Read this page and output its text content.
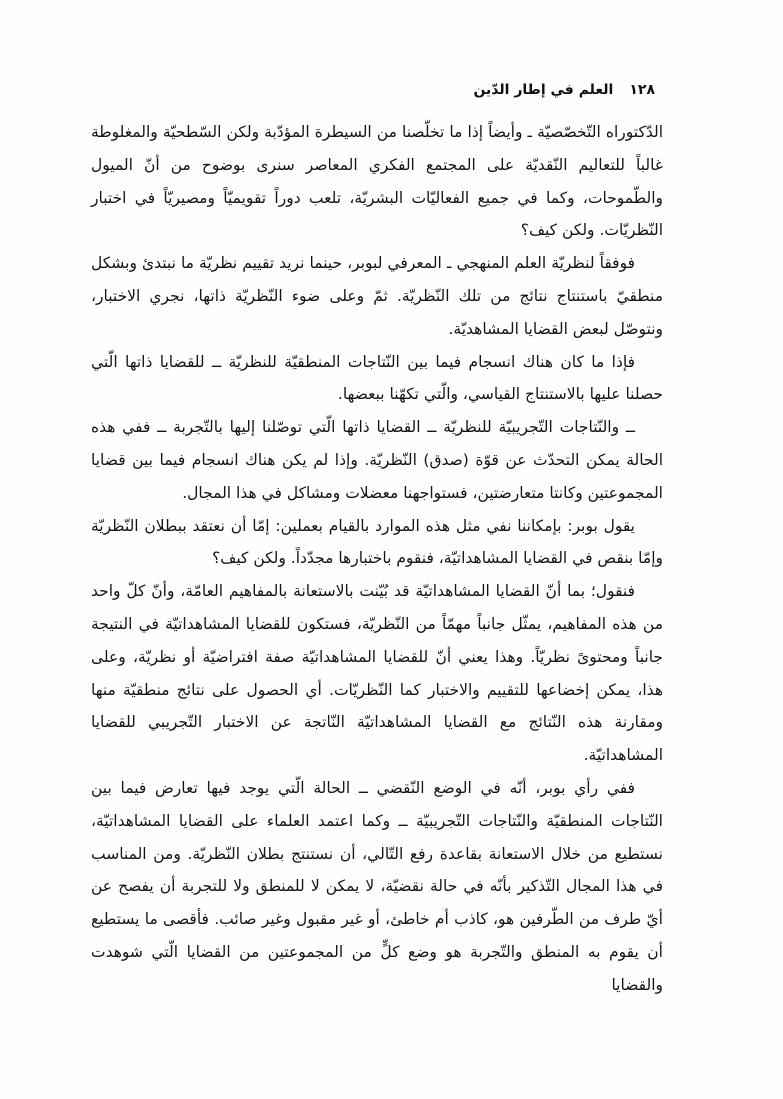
١٢٨
العلم في إطار الدّين

الدّكتوراه التّخصّصيّة ـ وأيضاً إذا ما تخلّصنا من السيطرة المؤدّبة ولكن السّطحيّة والمغلوطة غالباً للتعاليم النّقديّة على المجتمع الفكري المعاصر سنرى بوضوح من أنّ الميول والطّموحات، وكما في جميع الفعاليّات البشريّة، تلعب دوراً تقويميّاً ومصيريّاً في اختبار النّظريّات. ولكن كيف؟

فوفقاً لنظريّة العلم المنهجي ـ المعرفي لبوبر، حينما نريد تقييم نظريّة ما نبتدئ وبشكل منطقيّ باستنتاج نتائج من تلك النّظريّة. ثمّ وعلى ضوء النّظريّة ذاتها، نجري الاختبار، ونتوصّل لبعض القضايا المشاهديّة.

فإذا ما كان هناك انسجام فيما بين النّتاجات المنطقيّة للنظريّة ــ للقضايا ذاتها الّتي حصلنا عليها بالاستنتاج القياسي، والّتي تكهّنا ببعضها.

ــ والنّتاجات التّجريبيّة للنظريّة ــ القضايا ذاتها الّتي توصّلنا إليها بالتّجربة ــ ففي هذه الحالة يمكن التحدّث عن قوّة (صدق) النّظريّة. وإذا لم يكن هناك انسجام فيما بين قضايا المجموعتين وكانتا متعارضتين، فستواجهنا معضلات ومشاكل في هذا المجال.

يقول بوبر: بإمكاننا نفي مثل هذه الموارد بالقيام بعملين: إمّا أن نعتقد ببطلان النّظريّة وإمّا بنقص في القضايا المشاهداتيّة، فنقوم باختبارها مجدّداً. ولكن كيف؟

فنقول؛ بما أنّ القضايا المشاهداتيّة قد بُيّنت بالاستعانة بالمفاهيم العامّة، وأنّ كلّ واحد من هذه المفاهيم، يمثّل جانباً مهمّاً من النّظريّة، فستكون للقضايا المشاهداتيّة في النتيجة جانباً ومحتوىً نظريّاً. وهذا يعني أنّ للقضايا المشاهداتيّة صفة افتراضيّة أو نظريّة، وعلى هذا، يمكن إخضاعها للتقييم والاختبار كما النّظريّات. أي الحصول على نتائج منطقيّة منها ومقارنة هذه النّتائج مع القضايا المشاهداتيّة النّاتجة عن الاختبار التّجريبي للقضايا المشاهداتيّة.

ففي رأي بوبر، أنّه في الوضع النّقضي ــ الحالة الّتي يوجد فيها تعارض فيما بين النّتاجات المنطقيّة والنّتاجات التّجريبيّة ــ وكما اعتمد العلماء على القضايا المشاهداتيّة، نستطيع من خلال الاستعانة بقاعدة رفع التّالي، أن نستنتج بطلان النّظريّة. ومن المناسب في هذا المجال التّذكير بأنّه في حالة نقضيّة، لا يمكن لا للمنطق ولا للتجربة أن يفصح عن أيّ طرف من الطّرفين هو، كاذب أم خاطئ، أو غير مقبول وغير صائب. فأقصى ما يستطيع أن يقوم به المنطق والتّجربة هو وضع كلٍّ من المجموعتين من القضايا الّتي شوهدت والقضايا
